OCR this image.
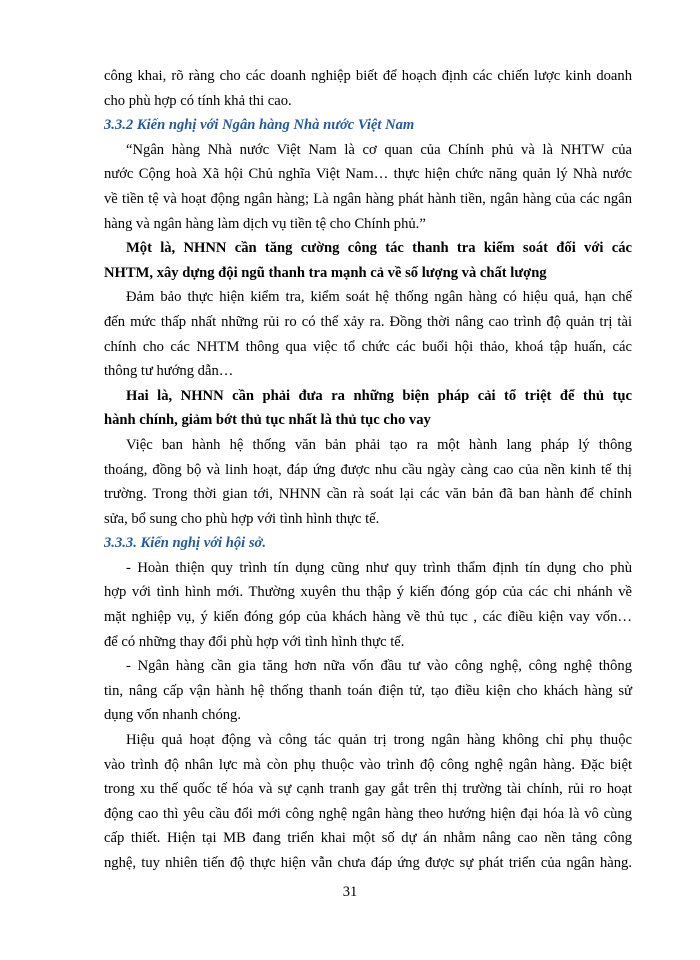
công khai, rõ ràng cho các doanh nghiệp biết để hoạch định các chiến lược kinh doanh
cho phù hợp có tính khả thi cao.
3.3.2 Kiến nghị với Ngân hàng Nhà nước Việt Nam
“Ngân hàng Nhà nước Việt Nam là cơ quan của Chính phủ và là NHTW của
nước Cộng hoà Xã hội Chủ nghĩa Việt Nam… thực hiện chức năng quản lý Nhà nước
về tiền tệ và hoạt động ngân hàng; Là ngân hàng phát hành tiền, ngân hàng của các ngân
hàng và ngân hàng làm dịch vụ tiền tệ cho Chính phủ.”
Một là, NHNN cần tăng cường công tác thanh tra kiểm soát đối với các
NHTM, xây dựng đội ngũ thanh tra mạnh cả về số lượng và chất lượng
Đảm bảo thực hiện kiểm tra, kiểm soát hệ thống ngân hàng có hiệu quả, hạn chế
đến mức thấp nhất những rủi ro có thể xảy ra. Đồng thời nâng cao trình độ quản trị tài
chính cho các NHTM thông qua việc tổ chức các buổi hội thảo, khoá tập huấn, các
thông tư hướng dẫn…
Hai là, NHNN cần phải đưa ra những biện pháp cải tổ triệt để thủ tục
hành chính, giảm bớt thủ tục nhất là thủ tục cho vay
Việc ban hành hệ thống văn bản phải tạo ra một hành lang pháp lý thông
thoáng, đồng bộ và linh hoạt, đáp ứng được nhu cầu ngày càng cao của nền kinh tế thị
trường. Trong thời gian tới, NHNN cần rà soát lại các văn bản đã ban hành để chỉnh
sửa, bổ sung cho phù hợp với tình hình thực tế.
3.3.3. Kiến nghị với hội sở.
- Hoàn thiện quy trình tín dụng cũng như quy trình thẩm định tín dụng cho phù
hợp với tình hình mới. Thường xuyên thu thập ý kiến đóng góp của các chi nhánh về
mặt nghiệp vụ, ý kiến đóng góp của khách hàng về thủ tục , các điều kiện vay vốn…
để có những thay đổi phù hợp với tình hình thực tế.
- Ngân hàng cần gia tăng hơn nữa vốn đầu tư vào công nghệ, công nghệ thông
tin, nâng cấp vận hành hệ thống thanh toán điện tử, tạo điều kiện cho khách hàng sử
dụng vốn nhanh chóng.
Hiệu quả hoạt động và công tác quản trị trong ngân hàng không chỉ phụ thuộc
vào trình độ nhân lực mà còn phụ thuộc vào trình độ công nghệ ngân hàng. Đặc biệt
trong xu thế quốc tế hóa và sự cạnh tranh gay gắt trên thị trường tài chính, rủi ro hoạt
động cao thì yêu cầu đổi mới công nghệ ngân hàng theo hướng hiện đại hóa là vô cùng
cấp thiết. Hiện tại MB đang triển khai một số dự án nhằm nâng cao nền tảng công
nghệ, tuy nhiên tiến độ thực hiện vẫn chưa đáp ứng được sự phát triển của ngân hàng.
31
